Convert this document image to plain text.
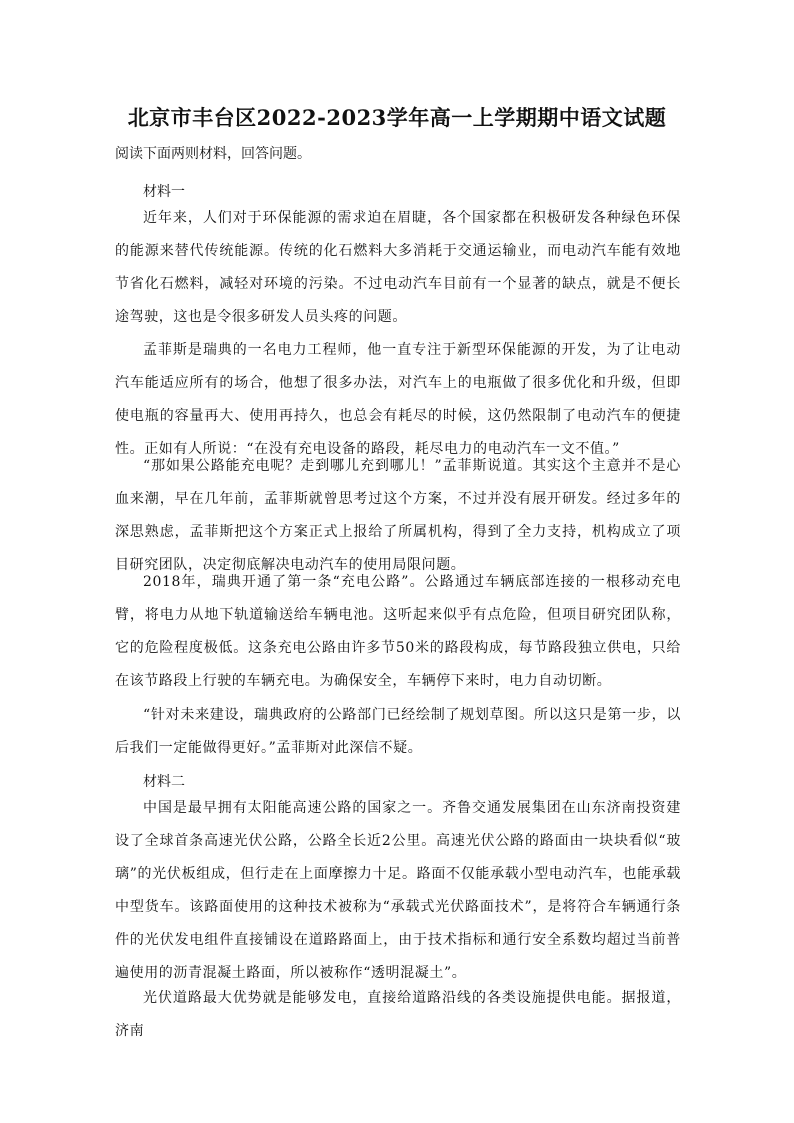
北京市丰台区2022-2023学年高一上学期期中语文试题
阅读下面两则材料，回答问题。
材料一

近年来，人们对于环保能源的需求迫在眉睫，各个国家都在积极研发各种绿色环保的能源来替代传统能源。传统的化石燃料大多消耗于交通运输业，而电动汽车能有效地节省化石燃料，减轻对环境的污染。不过电动汽车目前有一个显著的缺点，就是不便长途驾驶，这也是令很多研发人员头疼的问题。

孟菲斯是瑞典的一名电力工程师，他一直专注于新型环保能源的开发，为了让电动汽车能适应所有的场合，他想了很多办法，对汽车上的电瓶做了很多优化和升级，但即使电瓶的容量再大、使用再持久，也总会有耗尽的时候，这仍然限制了电动汽车的便捷性。正如有人所说：“在没有充电设备的路段，耗尽电力的电动汽车一文不值。”

“那如果公路能充电呢？走到哪儿充到哪儿！”孟菲斯说道。其实这个主意并不是心血来潮，早在几年前，孟菲斯就曾思考过这个方案，不过并没有展开研发。经过多年的深思熟虑，孟菲斯把这个方案正式上报给了所属机构，得到了全力支持，机构成立了项目研究团队，决定彻底解决电动汽车的使用局限问题。

2018年，瑞典开通了第一条“充电公路”。公路通过车辆底部连接的一根移动充电臂，将电力从地下轨道输送给车辆电池。这听起来似乎有点危险，但项目研究团队称，它的危险程度极低。这条充电公路由许多节50米的路段构成，每节路段独立供电，只给在该节路段上行驶的车辆充电。为确保安全，车辆停下来时，电力自动切断。

“针对未来建设，瑞典政府的公路部门已经绘制了规划草图。所以这只是第一步，以后我们一定能做得更好。”孟菲斯对此深信不疑。

材料二

中国是最早拥有太阳能高速公路的国家之一。齐鲁交通发展集团在山东济南投资建设了全球首条高速光伏公路，公路全长近2公里。高速光伏公路的路面由一块块看似“玻璃”的光伏板组成，但行走在上面摩擦力十足。路面不仅能承载小型电动汽车，也能承载中型货车。该路面使用的这种技术被称为“承载式光伏路面技术”，是将符合车辆通行条件的光伏发电组件直接铺设在道路路面上，由于技术指标和通行安全系数均超过当前普遍使用的沥青混凝土路面，所以被称作“透明混凝土”。

光伏道路最大优势就是能够发电，直接给道路沿线的各类设施提供电能。据报道，济南
